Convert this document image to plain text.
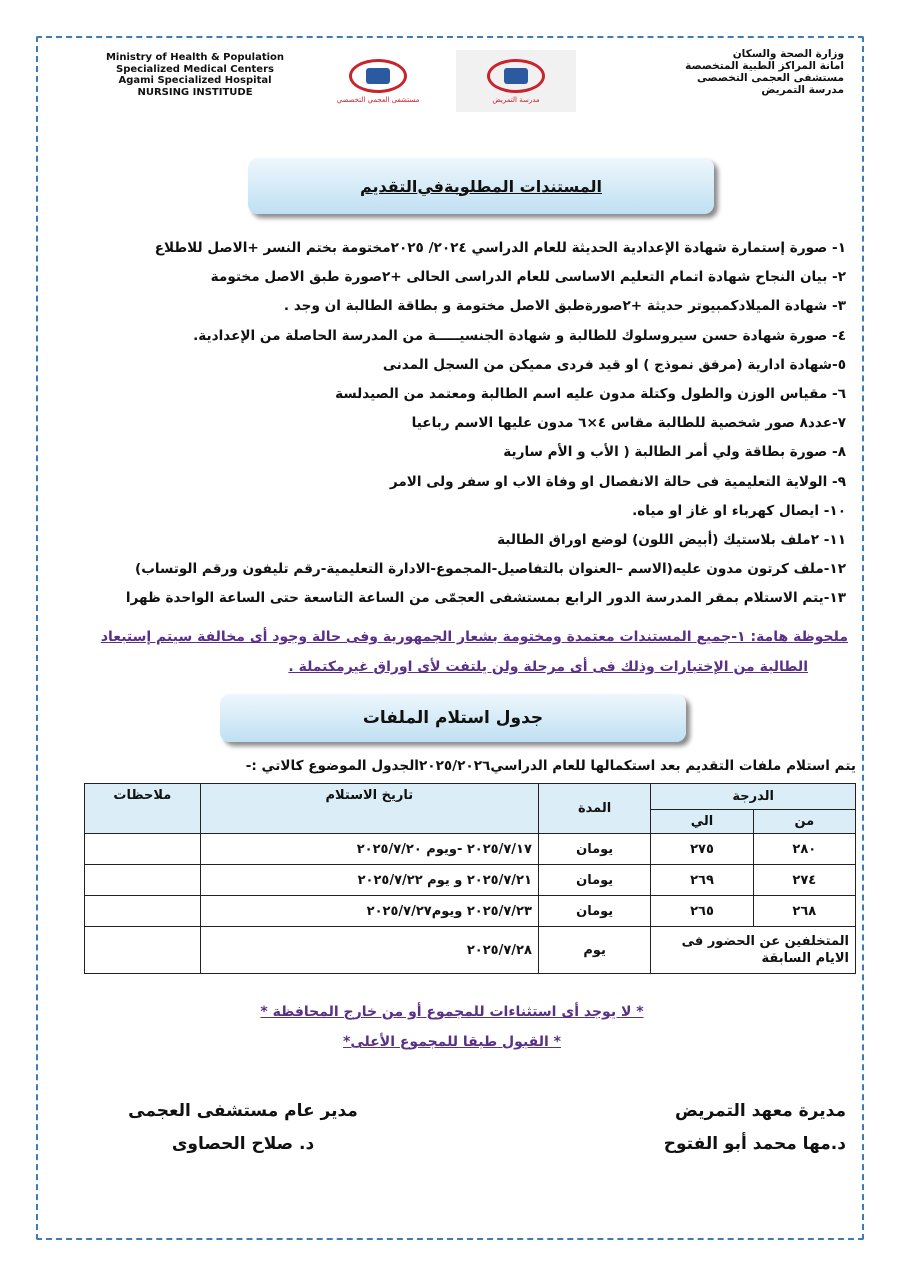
Ministry of Health & Population
Specialized Medical Centers
Agami Specialized Hospital
NURSING INSTITUDE
مستشفى العجمي التخصصي	مدرسة التمريض
وزارة الصحة والسكان
امانة المراكز الطبية المتخصصة
مستشفى العجمى التخصصى
مدرسة التمريض
المستندات المطلوبة
في
التقديم
١- صورة إستمارة شهادة الإعدادية الحديثة للعام الدراسي ٢٠٢٤/ ٢٠٢٥مختومة بختم النسر +الاصل للاطلاع
٢- بيان النجاح شهادة اتمام التعليم الاساسى للعام الدراسى الحالى +٢صورة طبق الاصل مختومة
٣- شهادة الميلادكمبيوتر حديثة +٢صورةطبق الاصل مختومة و بطاقة الطالبة ان وجد .
٤- صورة شهادة حسن سيروسلوك للطالبة و شهادة الجنسيـــــة من المدرسة الحاصلة من الإعدادية.
٥-شهادة ادارية (مرفق نموذج ) او قيد فردى مميكن من السجل المدنى
٦- مقياس الوزن والطول وكتلة مدون عليه اسم الطالبة ومعتمد من الصيدلسة
٧-عدد٨ صور شخصية للطالبة مقاس ٤×٦ مدون عليها الاسم رباعيا
٨- صورة بطاقة ولي أمر الطالبة ( الأب و الأم سارية
٩- الولاية التعليمية فى حالة الانفصال او وفاة الاب او سفر ولى الامر
١٠- ايصال كهرباء او غاز او مياه.
١١- ٢ملف بلاستيك (أبيض اللون) لوضع اوراق الطالبة
١٢-ملف كرتون مدون عليه(الاسم –العنوان بالتفاصيل-المجموع-الادارة التعليمية-رقم تليفون ورقم الوتساب)
١٣-يتم الاستلام بمقر المدرسة الدور الرابع بمستشفى العجمّى من الساعة التاسعة حتى الساعة الواحدة ظهرا
ملحوظة هامة: ١-جميع المستندات معتمدة ومختومة بشعار الجمهورية وفى حالة وجود أى مخالفة سيتم إستبعاد
الطالبة من الإختبارات وذلك فى أى مرحلة ولن يلتفت لأى اوراق غيرمكتملة .
جدول استلام الملفات
يتم استلام ملفات التقديم بعد استكمالها للعام الدراسي٢٠٢٥/٢٠٢٦الجدول الموضوع كالاتي :-
الدرجة		المدة	تاريخ الاستلام	ملاحظات
من	الي			
٢٨٠	٢٧٥	يومان	٢٠٢٥/٧/١٧ -ويوم ٢٠٢٥/٧/٢٠	
٢٧٤	٢٦٩	يومان	٢٠٢٥/٧/٢١ و يوم ٢٠٢٥/٧/٢٢	
٢٦٨	٢٦٥	يومان	٢٠٢٥/٧/٢٣ ويوم٢٠٢٥/٧/٢٧	
المتخلفين عن الحضور فى الايام السابقة		يوم	٢٠٢٥/٧/٢٨	
* لا يوجد أى استثناءات للمجموع أو من خارج المحافظة *
* القبول طبقا للمجموع الأعلى*
مديرة معهد التمريض
د.مها محمد أبو الفتوح
مدير عام مستشفى العجمى
د. صلاح الحصاوى
